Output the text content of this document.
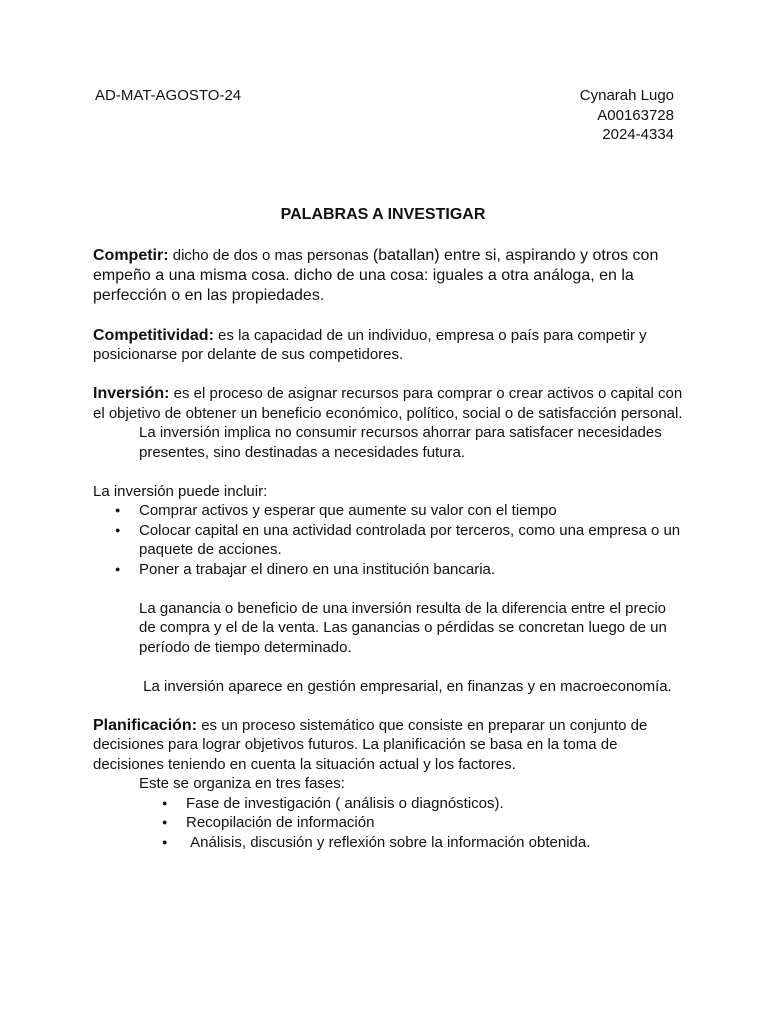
AD-MAT-AGOSTO-24	Cynarah Lugo
A00163728
2024-4334
PALABRAS A INVESTIGAR

Competir: dicho de dos o mas personas (batallan) entre si, aspirando y otros con empeño a una misma cosa. dicho de una cosa: iguales a otra análoga, en la perfección o en las propiedades.

Competitividad: es la capacidad de un individuo, empresa o país para competir y posicionarse por delante de sus competidores.

Inversión: es el proceso de asignar recursos para comprar o crear activos o capital con el objetivo de obtener un beneficio económico, político, social o de satisfacción personal.

La inversión implica no consumir recursos ahorrar para satisfacer necesidades presentes, sino destinadas a necesidades futura.

La inversión puede incluir:

● Comprar activos y esperar que aumente su valor con el tiempo
● Colocar capital en una actividad controlada por terceros, como una empresa o un paquete de acciones.
● Poner a trabajar el dinero en una institución bancaria.

La ganancia o beneficio de una inversión resulta de la diferencia entre el precio de compra y el de la venta. Las ganancias o pérdidas se concretan luego de un período de tiempo determinado.

La inversión aparece en gestión empresarial, en finanzas y en macroeconomía.

Planificación: es un proceso sistemático que consiste en preparar un conjunto de decisiones para lograr objetivos futuros. La planificación se basa en la toma de decisiones teniendo en cuenta la situación actual y los factores.

Este se organiza en tres fases:

● Fase de investigación ( análisis o diagnósticos).
● Recopilación de información
●  Análisis, discusión y reflexión sobre la información obtenida.
